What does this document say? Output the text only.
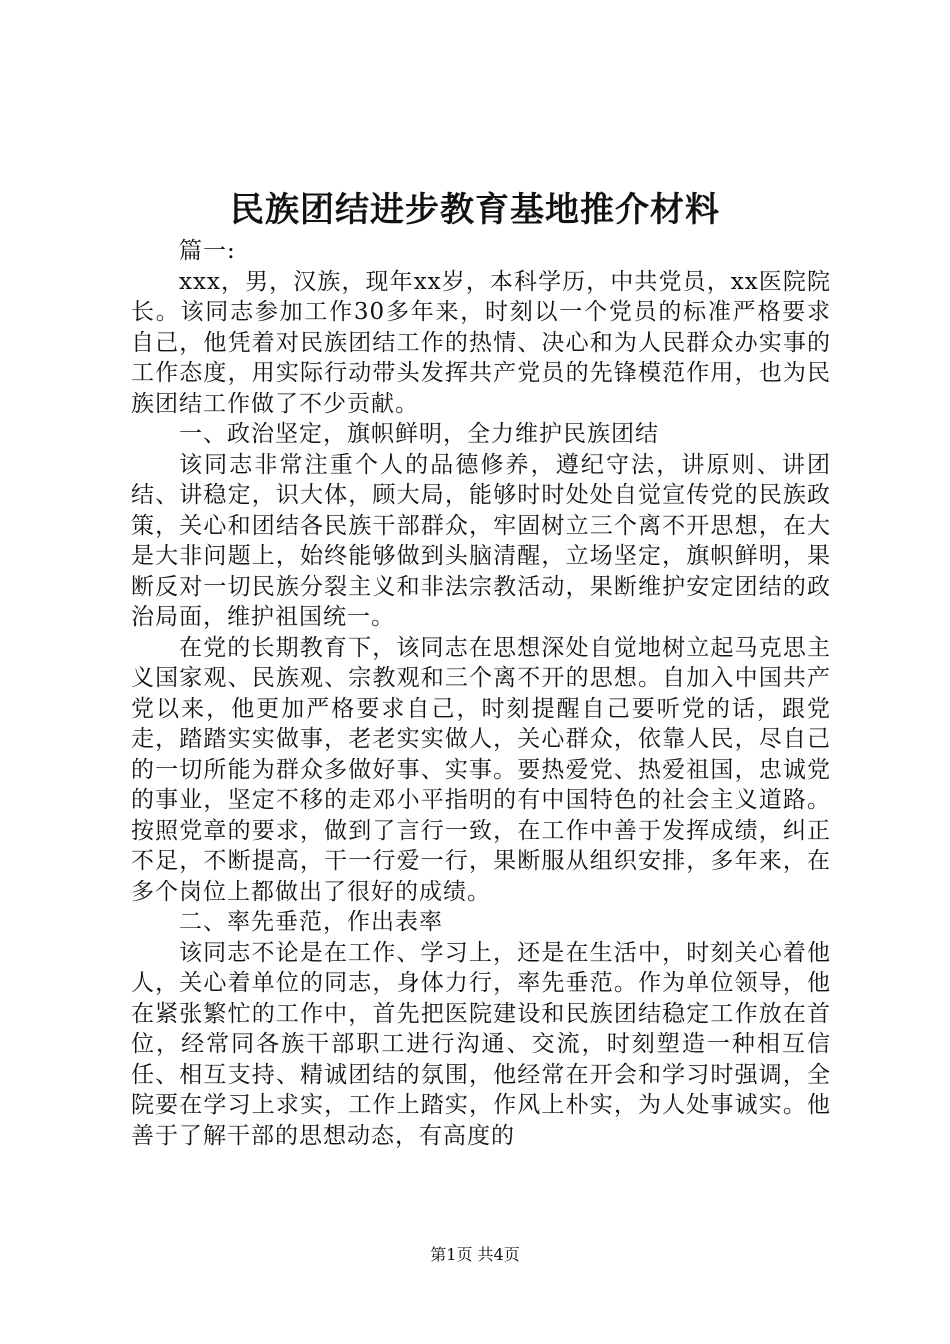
民族团结进步教育基地推介材料

篇一:

xxx，男，汉族，现年xx岁，本科学历，中共党员，xx医院院长。该同志参加工作30多年来，时刻以一个党员的标准严格要求自己，他凭着对民族团结工作的热情、决心和为人民群众办实事的工作态度，用实际行动带头发挥共产党员的先锋模范作用，也为民族团结工作做了不少贡献。

一、政治坚定，旗帜鲜明，全力维护民族团结

该同志非常注重个人的品德修养，遵纪守法，讲原则、讲团结、讲稳定，识大体，顾大局，能够时时处处自觉宣传党的民族政策，关心和团结各民族干部群众，牢固树立三个离不开思想，在大是大非问题上，始终能够做到头脑清醒，立场坚定，旗帜鲜明，果断反对一切民族分裂主义和非法宗教活动，果断维护安定团结的政治局面，维护祖国统一。

在党的长期教育下，该同志在思想深处自觉地树立起马克思主义国家观、民族观、宗教观和三个离不开的思想。自加入中国共产党以来，他更加严格要求自己，时刻提醒自己要听党的话，跟党走，踏踏实实做事，老老实实做人，关心群众，依靠人民，尽自己的一切所能为群众多做好事、实事。要热爱党、热爱祖国，忠诚党的事业，坚定不移的走邓小平指明的有中国特色的社会主义道路。按照党章的要求，做到了言行一致，在工作中善于发挥成绩，纠正不足，不断提高，干一行爱一行，果断服从组织安排，多年来，在多个岗位上都做出了很好的成绩。

二、率先垂范，作出表率

该同志不论是在工作、学习上，还是在生活中，时刻关心着他人，关心着单位的同志，身体力行，率先垂范。作为单位领导，他在紧张繁忙的工作中，首先把医院建设和民族团结稳定工作放在首位，经常同各族干部职工进行沟通、交流，时刻塑造一种相互信任、相互支持、精诚团结的氛围，他经常在开会和学习时强调，全院要在学习上求实，工作上踏实，作风上朴实，为人处事诚实。他善于了解干部的思想动态，有高度的

第1页 共4页
